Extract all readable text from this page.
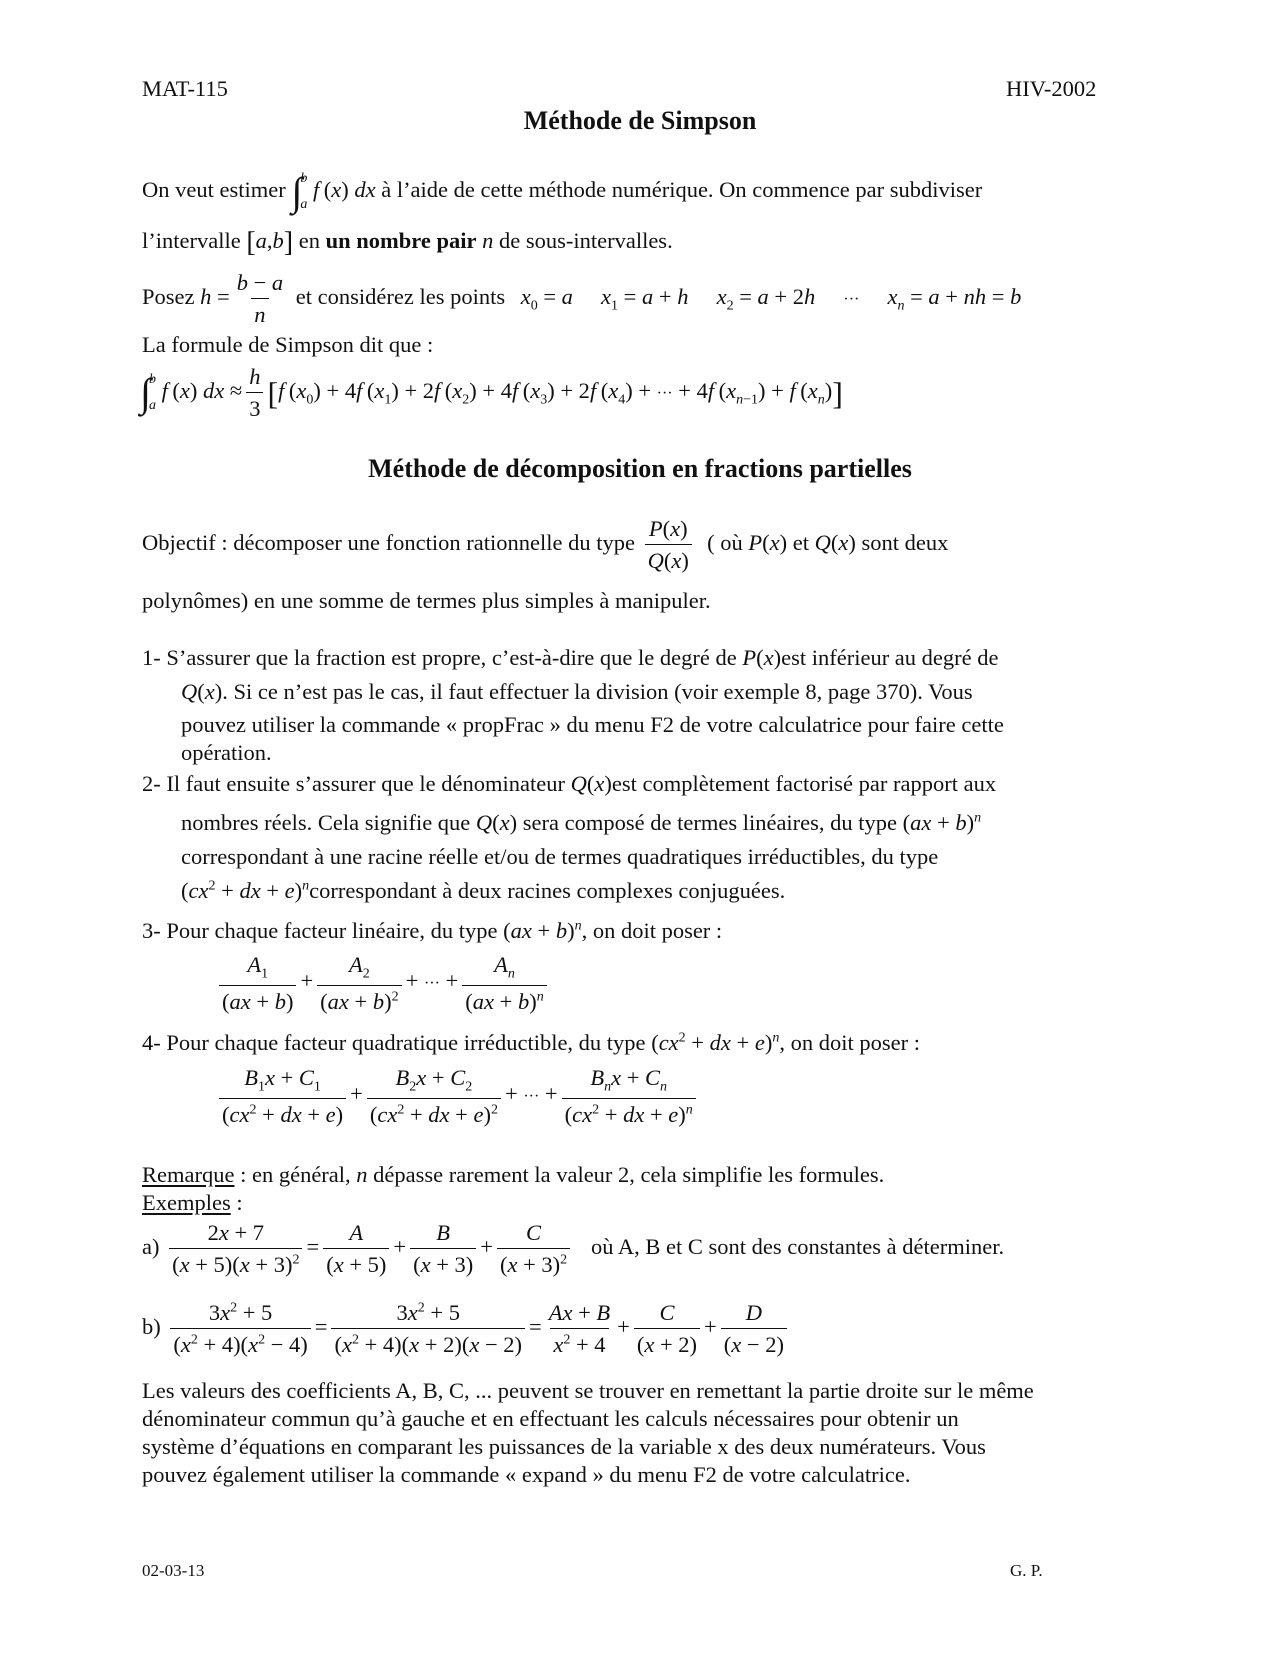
MAT-115	HIV-2002
Méthode de Simpson
On veut estimer ∫
b
a
f (x) dx à l’aide de cette méthode numérique. On commence par subdiviser
l’intervalle [a,b] en un nombre pair n de sous-intervalles.
Posez $h = \frac{b - a}{n}$ et considérez les points $x_0 = a$ $x_1 = a + h$ $x_2 = a + 2h$ ··· $x_n = a$ + nh = b
La formule de Simpson dit que :
∫
b
a
f (x) dx ≈ $\frac{h}{3} [f$ $(x_0) + 4f$ $(x_1) + 2f$ $(x_2) + 4f$ $(x_3) + 2f$ $(x_4)$ + ··· + 4f $(x_{n-1}) + f$ $(x_n)$]
Méthode de décomposition en fractions partielles
Objectif : décomposer une fonction rationnelle du type $\frac{P(x)}{Q(x)}$ ( où P(x) et Q(x) sont deux
polynômes) en une somme de termes plus simples à manipuler.
1- S’assurer que la fraction est propre, c’est-à-dire que le degré de P(x)est inférieur au degré de
Q(x). Si ce n’est pas le cas, il faut effectuer la division (voir exemple 8, page 370). Vous
pouvez utiliser la commande « propFrac » du menu F2 de votre calculatrice pour faire cette
opération.
2- Il faut ensuite s’assurer que le dénominateur Q(x)est complètement factorisé par rapport aux
nombres réels. Cela signifie que Q(x) sera composé de termes linéaires, du type (ax + b)$^n$
correspondant à une racine réelle et/ou de termes quadratiques irréductibles, du type
($cx^2$ + dx + e)$^n$correspondant à deux racines complexes conjuguées.
3- Pour chaque facteur linéaire, du type (ax + b)$^n$, on doit poser :
$\frac{A_1}{(ax + b)} + \frac{A_2}{(ax + b)^2}$ + ··· + $\frac{A_n}{(ax + b)^n}$
4- Pour chaque facteur quadratique irréductible, du type ($cx^2$ + dx + e)$^n$, on doit poser :
$\frac{B_1x + C_1}{(cx^2 + dx + e)} + \frac{B_2x + C_2}{(cx^2 + dx + e)^2}$ + ··· + $\frac{B_nx + C_n}{(cx^2 + dx + e)^n}$
Remarque : en général, n dépasse rarement la valeur 2, cela simplifie les formules.
Exemples :
$a) \frac{2x + 7}{(x + 5)(x + 3)^2} = \frac{A}{(x + 5)} + \frac{B}{(x + 3)} + \frac{C}{(x + 3)^2}$ où A, B et C sont des constantes à déterminer.
$b) \frac{3x^2 + 5}{(x^2 + 4)(x^2 - 4)} = \frac{3x^2 + 5}{(x^2 + 4)(x + 2)(x - 2)} = \frac{Ax + B}{x^2 + 4} + \frac{C}{(x + 2)} + \frac{D}{(x - 2)}$
Les valeurs des coefficients A, B, C, ... peuvent se trouver en remettant la partie droite sur le même
dénominateur commun qu’à gauche et en effectuant les calculs nécessaires pour obtenir un
système d’équations en comparant les puissances de la variable x des deux numérateurs. Vous
pouvez également utiliser la commande « expand » du menu F2 de votre calculatrice.
02-03-13	G. P.
